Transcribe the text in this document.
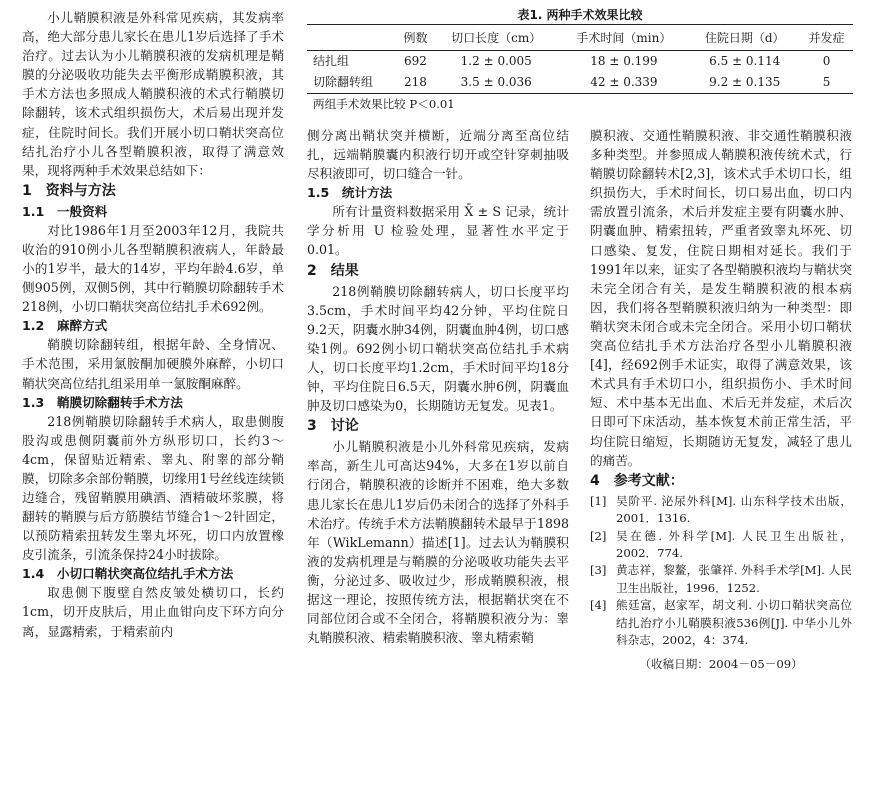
小儿鞘膜积液是外科常见疾病，其发病率高，绝大部分患儿家长在患儿1岁后选择了手术治疗。过去认为小儿鞘膜积液的发病机理是鞘膜的分泌吸收功能失去平衡形成鞘膜积液，其手术方法也多照成人鞘膜积液的术式行鞘膜切除翻转，该术式组织损伤大，术后易出现并发症，住院时间长。我们开展小切口鞘状突高位结扎治疗小儿各型鞘膜积液，取得了满意效果，现将两种手术效果总结如下：

1　资料与方法
1.1　一般资料

对比1986年1月至2003年12月，我院共收治的910例小儿各型鞘膜积液病人，年龄最小的1岁半，最大的14岁，平均年龄4.6岁，单侧905例，双侧5例，其中行鞘膜切除翻转手术218例，小切口鞘状突高位结扎手术692例。

1.2　麻醉方式

鞘膜切除翻转组，根据年龄、全身情况、手术范围，采用氯胺酮加硬膜外麻醉，小切口鞘状突高位结扎组采用单一氯胺酮麻醉。

1.3　鞘膜切除翻转手术方法

218例鞘膜切除翻转手术病人，取患侧腹股沟或患侧阴囊前外方纵形切口，长约3～4cm，保留贴近精索、睾丸、附睾的部分鞘膜，切除多余部份鞘膜，切缘用1号丝线连续锁边缝合，残留鞘膜用碘酒、酒精破坏浆膜，将翻转的鞘膜与后方筋膜结节缝合1～2针固定，以预防精索扭转发生睾丸坏死，切口内放置橡皮引流条，引流条保持24小时拔除。

1.4　小切口鞘状突高位结扎手术方法

取患侧下腹壁自然皮皱处横切口，长约1cm，切开皮肤后，用止血钳向皮下环方向分离，显露精索，于精索前内

表1. 两种手术效果比较
	例数	切口长度（cm）	手术时间（min）	住院日期（d）	并发症
结扎组	692	1.2 ± 0.005	18 ± 0.199	6.5 ± 0.114	0
切除翻转组	218	3.5 ± 0.036	42 ± 0.339	9.2 ± 0.135	5
两组手术效果比较 P＜0.01

侧分离出鞘状突并横断，近端分离至高位结扎，远端鞘膜囊内积液行切开或空针穿刺抽吸尽积液即可，切口缝合一针。

1.5　统计方法

所有计量资料数据采用 X̄ ± S 记录，统计学分析用 U 检验处理，显著性水平定于 0.01。

2　结果

218例鞘膜切除翻转病人，切口长度平均3.5cm，手术时间平均42分钟，平均住院日9.2天，阴囊水肿34例，阴囊血肿4例，切口感染1例。692例小切口鞘状突高位结扎手术病人，切口长度平均1.2cm，手术时间平均18分钟，平均住院日6.5天，阴囊水肿6例，阴囊血肿及切口感染为0，长期随访无复发。见表1。

3　讨论

小儿鞘膜积液是小儿外科常见疾病，发病率高，新生儿可高达94%，大多在1岁以前自行闭合，鞘膜积液的诊断并不困难，绝大多数患儿家长在患儿1岁后仍未闭合的选择了外科手术治疗。传统手术方法鞘膜翻转术最早于1898年（WikLemann）描述[1]。过去认为鞘膜积液的发病机理是与鞘膜的分泌吸收功能失去平衡，分泌过多、吸收过少，形成鞘膜积液，根据这一理论，按照传统方法，根据鞘状突在不同部位闭合或不全闭合，将鞘膜积液分为：睾丸鞘膜积液、精索鞘膜积液、睾丸精索鞘

膜积液、交通性鞘膜积液、非交通性鞘膜积液多种类型。并参照成人鞘膜积液传统术式，行鞘膜切除翻转术[2,3]，该术式手术切口长，组织损伤大，手术时间长，切口易出血，切口内需放置引流条，术后并发症主要有阴囊水肿、阴囊血肿、精索扭转，严重者致睾丸坏死、切口感染、复发，住院日期相对延长。我们于1991年以来，证实了各型鞘膜积液均与鞘状突未完全闭合有关，是发生鞘膜积液的根本病因，我们将各型鞘膜积液归纳为一种类型：即鞘状突未闭合或未完全闭合。采用小切口鞘状突高位结扎手术方法治疗各型小儿鞘膜积液[4]，经692例手术证实，取得了满意效果，该术式具有手术切口小，组织损伤小、手术时间短、术中基本无出血、术后无并发症，术后次日即可下床活动，基本恢复术前正常生活，平均住院日缩短，长期随访无复发，减轻了患儿的痛苦。

4　参考文献：
[1] 吴阶平. 泌尿外科[M]. 山东科学技术出版，2001．1316.
[2] 吴在德. 外科学[M]. 人民卫生出版社，2002．774.
[3] 黄志祥，黎鳌，张肇祥. 外科手术学[M]. 人民卫生出版社，1996．1252.
[4] 熊廷富，赵家军，胡文利. 小切口鞘状突高位结扎治疗小儿鞘膜积液536例[J]. 中华小儿外科杂志，2002，4：374.
（收稿日期：2004－05－09）
